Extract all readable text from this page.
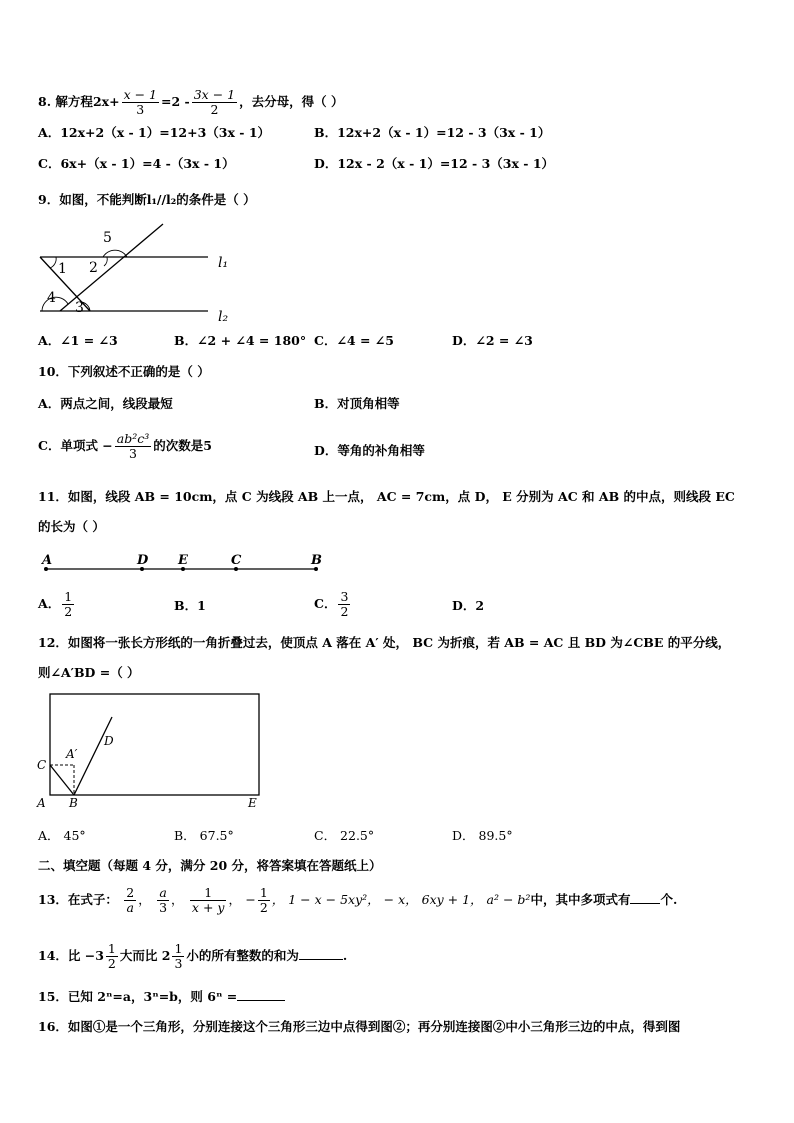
8. 解方程$2x+ \frac{x - 1}{3} =2 - \frac{3x - 1}{2}$ ，去分母，得（ ）
A．12x+2（x - 1）=12+3（3x - 1）	B．12x+2（x - 1）=12 - 3（3x - 1）
C．6x+（x - 1）=4 -（3x - 1）	D．12x - 2（x - 1）=12 - 3（3x - 1）
9．如图，不能判断l₁//l₂的条件是（ ）
1 2
5
4
3
l₁
l₂
A．∠1 = ∠3	B．∠2 + ∠4 = 180° C．∠4 = ∠5	D．∠2 = ∠3
10．下列叙述不正确的是（ ）
A．两点之间，线段最短	B．对顶角相等
C．单项式 − $\frac{\text{ab²c³}}{3}$ 的次数是5	D．等角的补角相等
11．如图，线段 AB = 10cm，点 C 为线段 AB 上一点， AC = 7cm，点 D， E 分别为 AC 和 AB 的中点，则线段 EC
的长为（ ）
A	D E	C	B
A． $\frac{1}{2}$	B．1	C． $\frac{3}{2}$	D．2
12．如图将一张长方形纸的一角折叠过去，使顶点 A 落在 A′ 处， BC 为折痕，若 AB = AC 且 BD 为∠CBE 的平分线，
则∠A′BD =（ ）
A B	E
C
A′
D
A． 45°	B． 67.5°	C． 22.5°	D． 89.5°
二、填空题（每题 4 分，满分 20 分，将答案填在答题纸上）
13．在式子： $\frac{2}{a}$ ， $\frac{a}{3}$ ， $\frac{1}{x + y}$ ， − $\frac{1}{2}$ ， 1 − x − 5xy²， − x， 6xy + 1， a² − b²中，其中多项式有 个.
14．比 $-3 \frac{1}{2}$ 大而比 $2 \frac{1}{3}$ 小的所有整数的和为	.
15．已知 2ⁿ=a，3ⁿ=b，则 6ⁿ =
16．如图①是一个三角形，分别连接这个三角形三边中点得到图②；再分别连接图②中小三角形三边的中点，得到图
